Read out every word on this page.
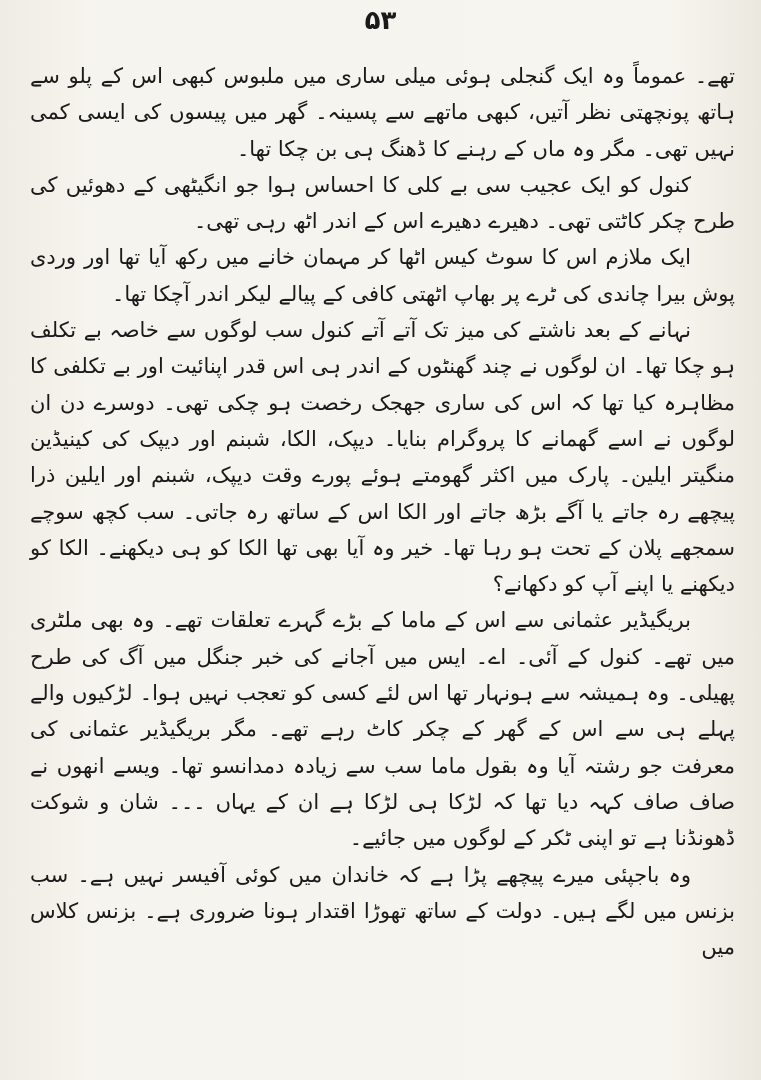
۵۳

تھے۔ عموماً وہ ایک گنجلی ہوئی میلی ساری میں ملبوس کبھی اس کے پلو سے ہاتھ پونچھتی نظر آتیں، کبھی ماتھے سے پسینہ۔ گھر میں پیسوں کی ایسی کمی نہیں تھی۔ مگر وہ ماں کے رہنے کا ڈھنگ ہی بن چکا تھا۔

کنول کو ایک عجیب سی بے کلی کا احساس ہوا جو انگیٹھی کے دھوئیں کی طرح چکر کاٹتی تھی۔ دھیرے دھیرے اس کے اندر اٹھ رہی تھی۔

ایک ملازم اس کا سوٹ کیس اٹھا کر مہمان خانے میں رکھ آیا تھا اور وردی پوش بیرا چاندی کی ٹرے پر بھاپ اٹھتی کافی کے پیالے لیکر اندر آچکا تھا۔

نہانے کے بعد ناشتے کی میز تک آتے آتے کنول سب لوگوں سے خاصہ بے تکلف ہو چکا تھا۔ ان لوگوں نے چند گھنٹوں کے اندر ہی اس قدر اپنائیت اور بے تکلفی کا مظاہرہ کیا تھا کہ اس کی ساری جھجک رخصت ہو چکی تھی۔ دوسرے دن ان لوگوں نے اسے گھمانے کا پروگرام بنایا۔ دیپک، الکا، شبنم اور دیپک کی کینیڈین منگیتر ایلین۔ پارک میں اکثر گھومتے ہوئے پورے وقت دیپک، شبنم اور ایلین ذرا پیچھے رہ جاتے یا آگے بڑھ جاتے اور الکا اس کے ساتھ رہ جاتی۔ سب کچھ سوچے سمجھے پلان کے تحت ہو رہا تھا۔ خیر وہ آیا بھی تھا الکا کو ہی دیکھنے۔ الکا کو دیکھنے یا اپنے آپ کو دکھانے؟

بریگیڈیر عثمانی سے اس کے ماما کے بڑے گہرے تعلقات تھے۔ وہ بھی ملٹری میں تھے۔ کنول کے آئی۔ اے۔ ایس میں آجانے کی خبر جنگل میں آگ کی طرح پھیلی۔ وہ ہمیشہ سے ہونہار تھا اس لئے کسی کو تعجب نہیں ہوا۔ لڑکیوں والے پہلے ہی سے اس کے گھر کے چکر کاٹ رہے تھے۔ مگر بریگیڈیر عثمانی کی معرفت جو رشتہ آیا وہ بقول ماما سب سے زیادہ دمدانسو تھا۔ ویسے انھوں نے صاف صاف کہہ دیا تھا کہ لڑکا ہی لڑکا ہے ان کے یہاں ۔۔۔ شان و شوکت ڈھونڈنا ہے تو اپنی ٹکر کے لوگوں میں جائیے۔

وہ باجپئی میرے پیچھے پڑا ہے کہ خاندان میں کوئی آفیسر نہیں ہے۔ سب بزنس میں لگے ہیں۔ دولت کے ساتھ تھوڑا اقتدار ہونا ضروری ہے۔ بزنس کلاس میں
